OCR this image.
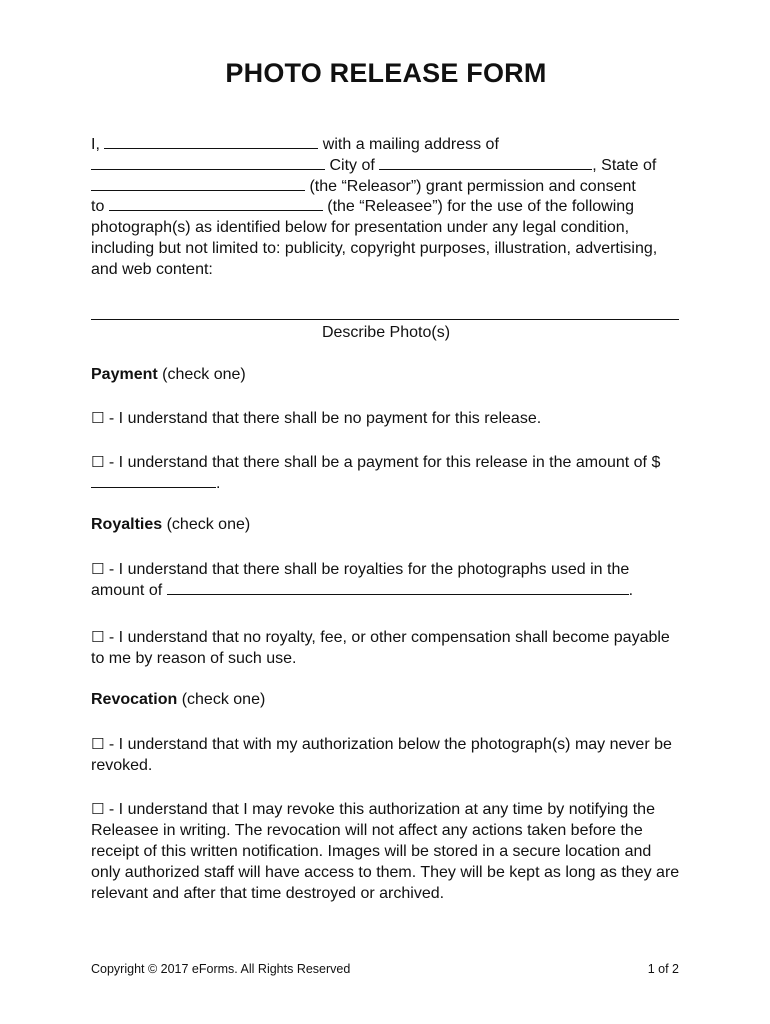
PHOTO RELEASE FORM
I,	with a mailing address of
City of	, State of
(the “Releasor”) grant permission and consent
to	(the “Releasee”) for the use of the following photograph(s) as identified below for presentation under any legal condition, including but not limited to: publicity, copyright purposes, illustration, advertising, and web content:
Describe Photo(s)
Payment (check one)
☐ - I understand that there shall be no payment for this release.
☐ - I understand that there shall be a payment for this release in the amount of $.
Royalties (check one)
☐ - I understand that there shall be royalties for the photographs used in the amount of	.
☐ - I understand that no royalty, fee, or other compensation shall become payable to me by reason of such use.
Revocation (check one)
☐ - I understand that with my authorization below the photograph(s) may never be revoked.
☐ - I understand that I may revoke this authorization at any time by notifying the Releasee in writing. The revocation will not affect any actions taken before the receipt of this written notification. Images will be stored in a secure location and only authorized staff will have access to them. They will be kept as long as they are relevant and after that time destroyed or archived.
Copyright © 2017 eForms. All Rights Reserved	1 of 2
